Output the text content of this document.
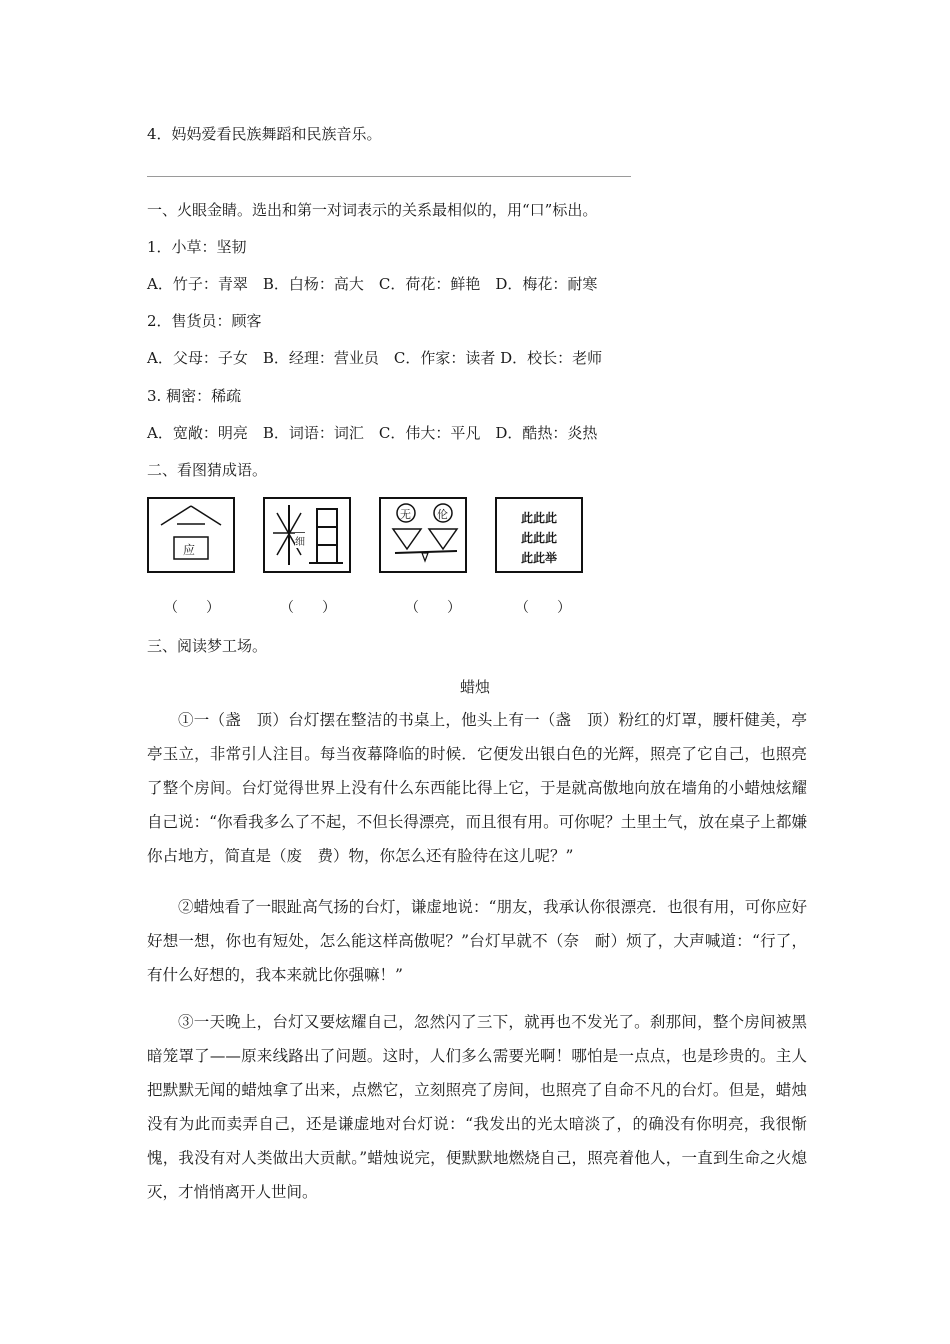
4．妈妈爱看民族舞蹈和民族音乐。
一、火眼金睛。选出和第一对词表示的关系最相似的，用“口”标出。
1．小草：坚韧
A．竹子：青翠　B．白杨：高大　C．荷花：鲜艳　D．梅花：耐寒
2．售货员：顾客
A．父母：子女　B．经理：营业员　C．作家：读者 D．校长：老师
3. 稠密：稀疏
A．宽敞：明亮　B．词语：词汇　C．伟大：平凡　D．酷热：炎热
二、看图猜成语。
应
细
无 伦	此此此
此此此
此此举
（　　）	（　　）	（　　）	（　　）
三、阅读梦工场。
蜡烛
①一（盏　顶）台灯摆在整洁的书桌上，他头上有一（盏　顶）粉红的灯罩，腰杆健美，亭亭玉立，非常引人注目。每当夜幕降临的时候．它便发出银白色的光辉，照亮了它自己，也照亮了整个房间。台灯觉得世界上没有什么东西能比得上它，于是就高傲地向放在墙角的小蜡烛炫耀自己说：“你看我多么了不起，不但长得漂亮，而且很有用。可你呢？土里土气，放在桌子上都嫌你占地方，简直是（废　费）物，你怎么还有脸待在这儿呢？”
②蜡烛看了一眼趾高气扬的台灯，谦虚地说：“朋友，我承认你很漂亮．也很有用，可你应好好想一想，你也有短处，怎么能这样高傲呢？”台灯早就不（奈　耐）烦了，大声喊道：“行了，有什么好想的，我本来就比你强嘛！”
③一天晚上，台灯又要炫耀自己，忽然闪了三下，就再也不发光了。刹那间，整个房间被黑暗笼罩了——原来线路出了问题。这时，人们多么需要光啊！哪怕是一点点，也是珍贵的。主人把默默无闻的蜡烛拿了出来，点燃它，立刻照亮了房间，也照亮了自命不凡的台灯。但是，蜡烛没有为此而卖弄自己，还是谦虚地对台灯说：“我发出的光太暗淡了，的确没有你明亮，我很惭愧，我没有对人类做出大贡献。”蜡烛说完，便默默地燃烧自己，照亮着他人，一直到生命之火熄灭，才悄悄离开人世间。
